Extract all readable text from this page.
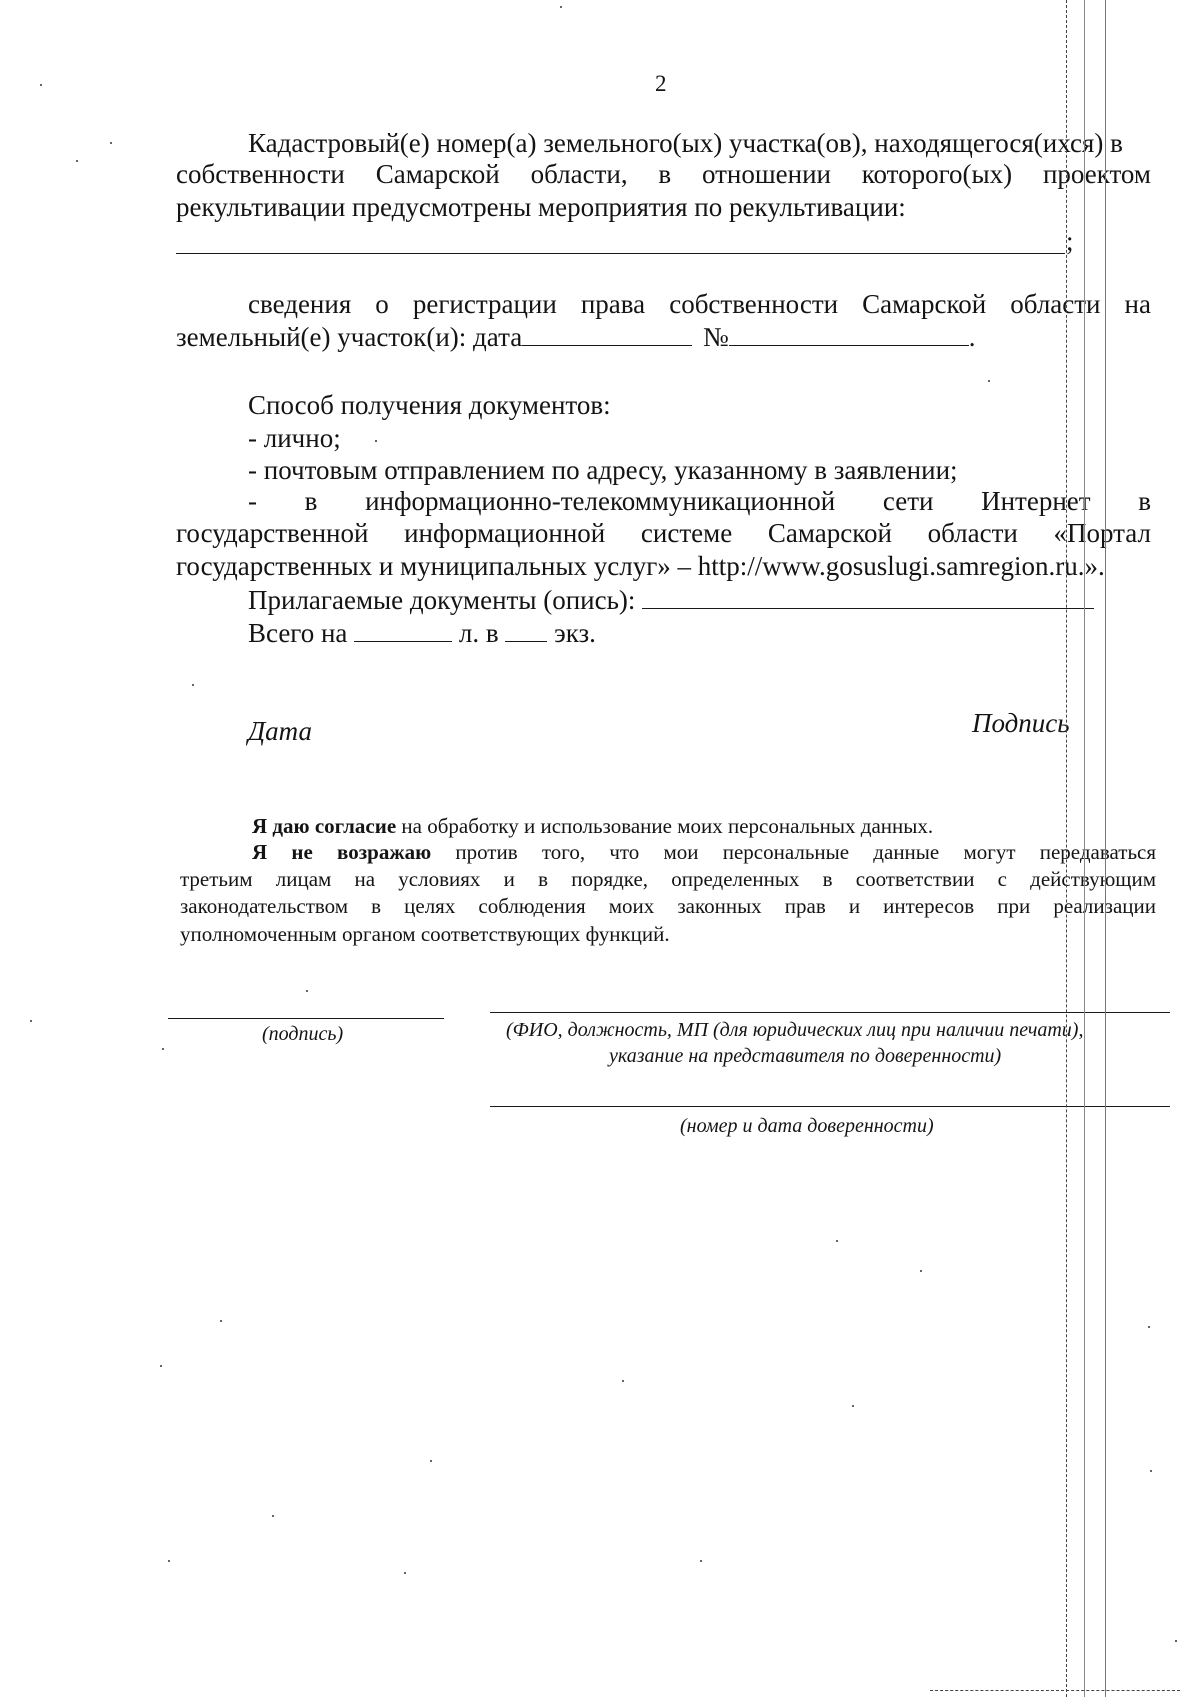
2
Кадастровый(е) номер(а) земельного(ых) участка(ов), находящегося(ихся) в
собственности Самарской области, в отношении которого(ых) проектом
рекультивации предусмотрены мероприятия по рекультивации:
;
сведения о регистрации права собственности Самарской области на
земельный(е) участок(и): дата	№	.
Способ получения документов:
- лично;
- почтовым отправлением по адресу, указанному в заявлении;
- в информационно-телекоммуникационной сети Интернет в
государственной информационной системе Самарской области «Портал
государственных и муниципальных услуг» – http://www.gosuslugi.samregion.ru.».
Прилагаемые документы (опись):
Всего на	л. в экз.
Дата	Подпись
Я даю согласие на обработку и использование моих персональных данных.
Я не возражаю против того, что мои персональные данные могут передаваться
третьим лицам на условиях и в порядке, определенных в соответствии с действующим
законодательством в целях соблюдения моих законных прав и интересов при реализации
уполномоченным органом соответствующих функций.
(подпись)	(ФИО, должность, МП (для юридических лиц при наличии печати),
указание на представителя по доверенности)
(номер и дата доверенности)
